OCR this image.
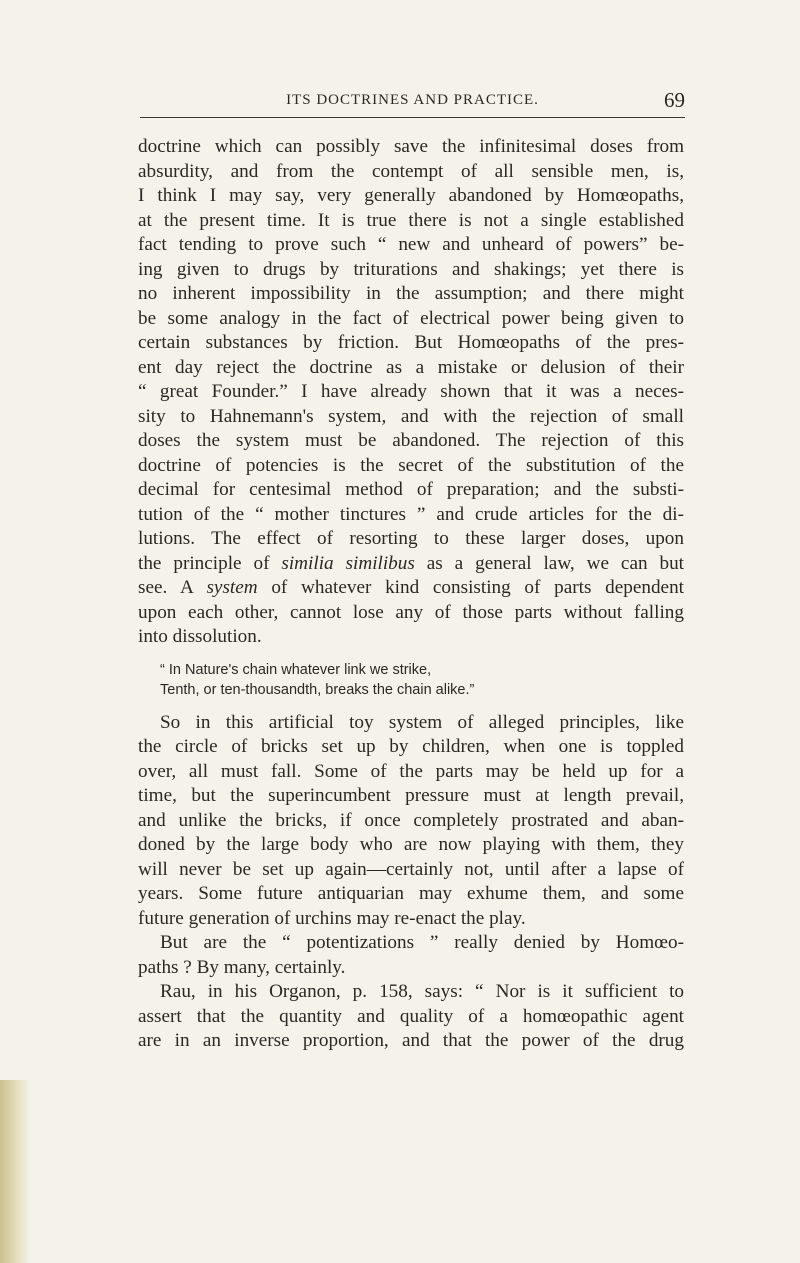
ITS DOCTRINES AND PRACTICE.	69
doctrine which can possibly save the infinitesimal doses from
absurdity, and from the contempt of all sensible men, is,
I think I may say, very generally abandoned by Homœopaths,
at the present time. It is true there is not a single established
fact tending to prove such “ new and unheard of powers” be-
ing given to drugs by triturations and shakings; yet there is
no inherent impossibility in the assumption; and there might
be some analogy in the fact of electrical power being given to
certain substances by friction. But Homœopaths of the pres-
ent day reject the doctrine as a mistake or delusion of their
“ great Founder.” I have already shown that it was a neces-
sity to Hahnemann's system, and with the rejection of small
doses the system must be abandoned. The rejection of this
doctrine of potencies is the secret of the substitution of the
decimal for centesimal method of preparation; and the substi-
tution of the “ mother tinctures ” and crude articles for the di-
lutions. The effect of resorting to these larger doses, upon
the principle of similia similibus as a general law, we can but
see. A system of whatever kind consisting of parts dependent
upon each other, cannot lose any of those parts without falling
into dissolution.
“ In Nature's chain whatever link we strike,
Tenth, or ten-thousandth, breaks the chain alike.”
So in this artificial toy system of alleged principles, like
the circle of bricks set up by children, when one is toppled
over, all must fall. Some of the parts may be held up for a
time, but the superincumbent pressure must at length prevail,
and unlike the bricks, if once completely prostrated and aban-
doned by the large body who are now playing with them, they
will never be set up again—certainly not, until after a lapse of
years. Some future antiquarian may exhume them, and some
future generation of urchins may re-enact the play.
But are the “ potentizations ” really denied by Homœo-
paths ? By many, certainly.
Rau, in his Organon, p. 158, says: “ Nor is it sufficient to
assert that the quantity and quality of a homœopathic agent
are in an inverse proportion, and that the power of the drug
